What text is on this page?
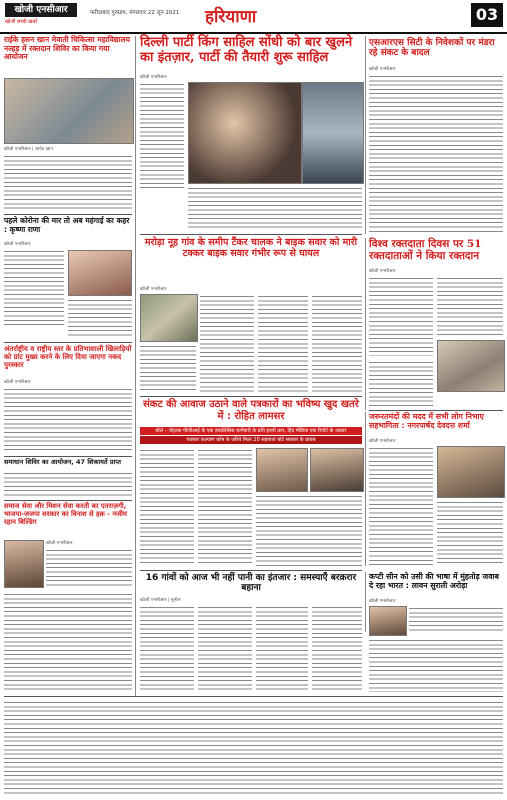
खोजी एनसीआर
खोजी सच्ची खबरें
फरीदाबाद गुरुग्राम, मंगलवार 22 जून 2021 हरियाणा	03
राईके हसन खान मेवाती चिकित्सा महाविद्यालय नल्हड़ में रक्तदान शिविर का किया गया आयोजन
खोजी एनसीआर | जावेद खान
पहले कोरोना की मार तो अब महंगाई का कहर : कृष्णा राणा
खोजी एनसीआर
अंतर्राष्ट्रीय व राष्ट्रीय स्तर के प्रतिभाशाली खिलाड़ियों को ग्रांट मुख्य करने के लिए दिया जाएगा नकद पुरस्कार
खोजी एनसीआर
समाधान शिविर का आयोजन, 47 शिकायतें प्राप्त
समाज सेवा और मिशन सेवा करती का एतराज़गी, भाजपा-जजपा सरकार का विनाश से हक़ - नजीम रहान बिल्डिंग
खोजी एनसीआर
दिल्ली पार्टी किंग साहिल सोंधी को बार खुलने का इंतज़ार, पार्टी की तैयारी शुरू साहिल
खोजी एनसीआर
एसआरएस सिटी के निवेशकों पर मंडरा रहे संकट के बादल
खोजी एनसीआर
मरोड़ा नूह गांव के समीप टैंकर चालक ने बाइक सवार को मारी टक्कर बाइक सवार गंभीर रूप से घायल
खोजी एनसीआर
विश्व रक्तदाता दिवस पर 51 रक्तदाताओं ने किया रक्तदान
खोजी एनसीआर
संकट की आवाज उठाने वाले पत्रकारों का भविष्य खुद खतरे में : रोहित लामसर
बोले – रोहतक पीजीआई के एक डायलिसिस कर्मचारी के प्रति इतनी ठान, हिंद मीडिया एक रिपोर्ट के आधार
पत्रकार कल्याण कोष के जरिये मिला 20 सहायता बांटें सरकार के प्रयास
जरूरतमंदों की मदद में सभी लोग निभाए सहभागिता : नगरपार्षद देवदत्त शर्मा
खोजी एनसीआर
16 गांवों को आज भी नहीं पानी का इंतजार : समस्याएँ बरक़रार बहाना
खोजी एनसीआर | सुनील
कप्टी सीन को उसी की भाषा में मुंहतोड़ जवाब दे रहा भारत : लावन सुराती अरोड़ा
खोजी एनसीआर
